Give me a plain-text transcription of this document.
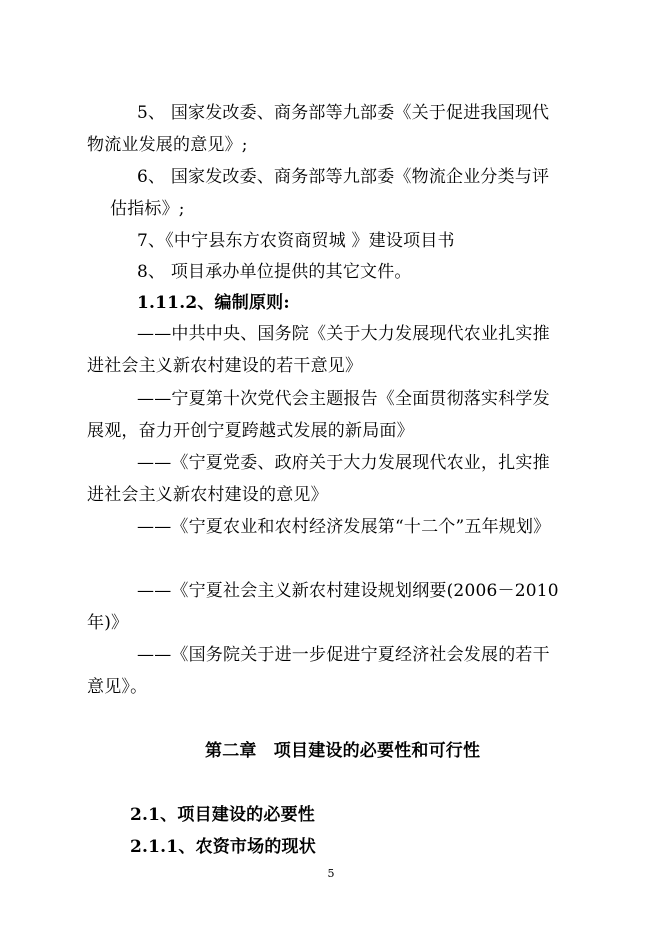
5、 国家发改委、商务部等九部委《关于促进我国现代
物流业发展的意见》;
6、 国家发改委、商务部等九部委《物流企业分类与评
估指标》;
7、《中宁县东方农资商贸城 》建设项目书
8、 项目承办单位提供的其它文件。
1.11.2、编制原则:
——中共中央、国务院《关于大力发展现代农业扎实推
进社会主义新农村建设的若干意见》
——宁夏第十次党代会主题报告《全面贯彻落实科学发
展观，奋力开创宁夏跨越式发展的新局面》
——《宁夏党委、政府关于大力发展现代农业，扎实推
进社会主义新农村建设的意见》
——《宁夏农业和农村经济发展第“十二个”五年规划》
——《宁夏社会主义新农村建设规划纲要(2006－2010
年)》
——《国务院关于进一步促进宁夏经济社会发展的若干
意见》。
第二章　项目建设的必要性和可行性
2.1、项目建设的必要性
2.1.1、农资市场的现状
5
